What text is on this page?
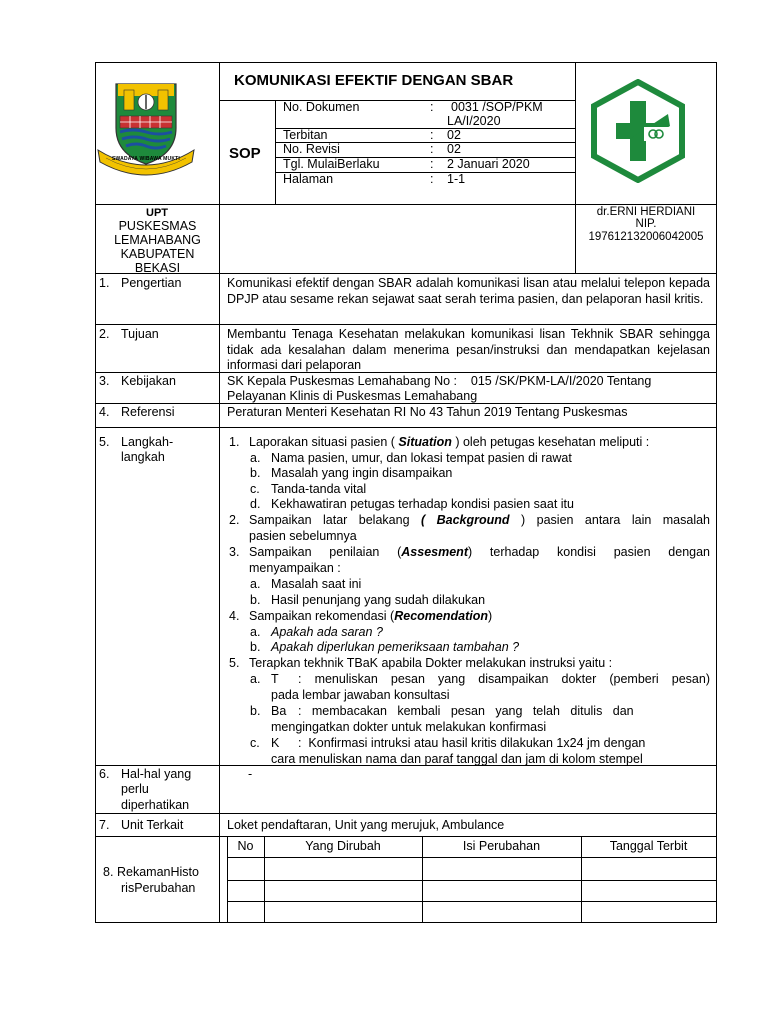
SWADAYA WIBAWA MUKTI
KOMUNIKASI EFEKTIF DENGAN SBAR
SOP
No. Dokumen	: 0031 /SOP/PKM
LA/I/2020
Terbitan	: 02
No. Revisi	: 02
Tgl. MulaiBerlaku	: 2 Januari 2020
Halaman	: 1-1
UPT
PUSKESMAS
LEMAHABANG
KABUPATEN
BEKASI
dr.ERNI HERDIANI
NIP.
197612132006042005
1. Pengertian	Komunikasi efektif dengan SBAR adalah komunikasi lisan atau melalui telepon kepada DPJP atau sesame rekan sejawat saat serah terima pasien, dan pelaporan hasil kritis.
2. Tujuan	Membantu Tenaga Kesehatan melakukan komunikasi lisan Tekhnik SBAR sehingga tidak ada kesalahan dalam menerima pesan/instruksi dan mendapatkan kejelasan informasi dari pelaporan
3. Kebijakan	SK Kepala Puskesmas Lemahabang No :    015 /SK/PKM-LA/I/2020 Tentang
Pelayanan Klinis di Puskesmas Lemahabang
4. Referensi	Peraturan Menteri Kesehatan RI No 43 Tahun 2019 Tentang Puskesmas
5. Langkah-
langkah
1. Laporakan situasi pasien ( Situation ) oleh petugas kesehatan meliputi :
a. Nama pasien, umur, dan lokasi tempat pasien di rawat
b. Masalah yang ingin disampaikan
c. Tanda-tanda vital
d. Kekhawatiran petugas terhadap kondisi pasien saat itu
2. Sampaikan latar belakang ( Background ) pasien antara lain masalah
pasien sebelumnya
3. Sampaikan penilaian (Assesment) terhadap kondisi pasien dengan
menyampaikan :
a. Masalah saat ini
b. Hasil penunjang yang sudah dilakukan
4. Sampaikan rekomendasi (Recomendation)
a. Apakah ada saran ?
b. Apakah diperlukan pemeriksaan tambahan ?
5. Terapkan tekhnik TBaK apabila Dokter melakukan instruksi yaitu :
a. T : menuliskan pesan yang disampaikan dokter (pemberi pesan)
pada lembar jawaban konsultasi
b. Ba :   membacakan   kembali   pesan   yang   telah   ditulis   dan
mengingatkan dokter untuk melakukan konfirmasi
c. K :  Konfirmasi intruksi atau hasil kritis dilakukan 1x24 jm dengan
cara menuliskan nama dan paraf tanggal dan jam di kolom stempel
6. Hal-hal yang
perlu
diperhatikan
-
7. Unit Terkait	Loket pendaftaran, Unit yang merujuk, Ambulance
8. RekamanHisto
risPerubahan
No	Yang Dirubah	Isi Perubahan	Tanggal Terbit
